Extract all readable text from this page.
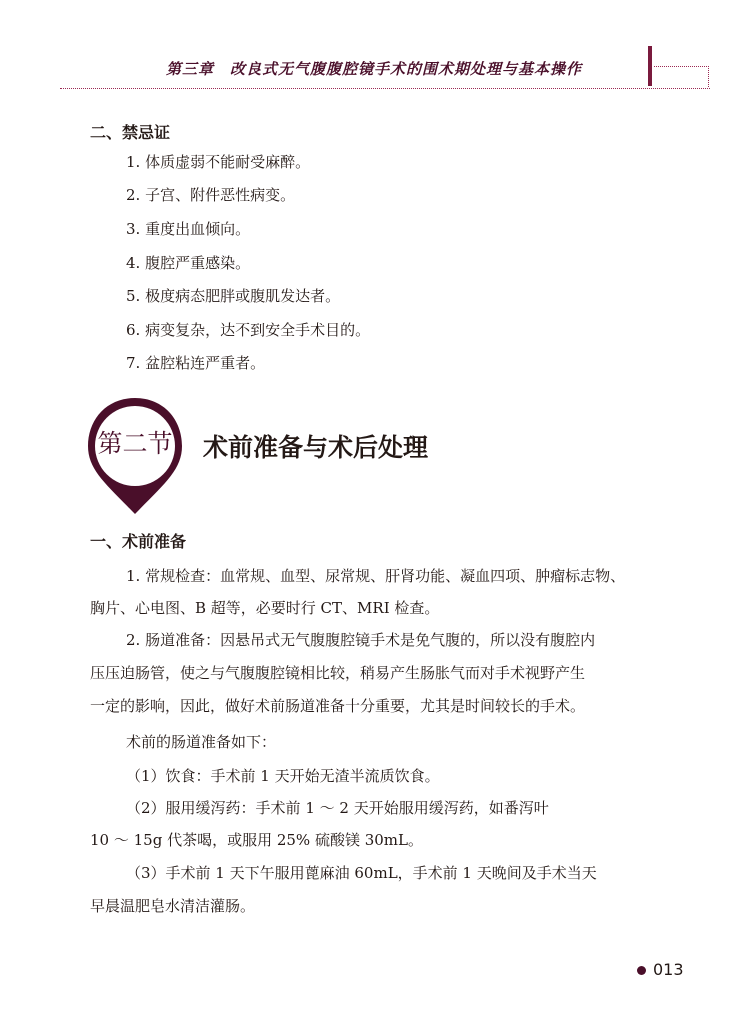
第三章 改良式无气腹腹腔镜手术的围术期处理与基本操作
二、禁忌证
1. 体质虚弱不能耐受麻醉。
2. 子宫、附件恶性病变。
3. 重度出血倾向。
4. 腹腔严重感染。
5. 极度病态肥胖或腹肌发达者。
6. 病变复杂，达不到安全手术目的。
7. 盆腔粘连严重者。
第二节	术前准备与术后处理
一、术前准备
1. 常规检查：血常规、血型、尿常规、肝肾功能、凝血四项、肿瘤标志物、
胸片、心电图、B 超等，必要时行 CT、MRI 检查。
2. 肠道准备：因悬吊式无气腹腹腔镜手术是免气腹的，所以没有腹腔内
压压迫肠管，使之与气腹腹腔镜相比较，稍易产生肠胀气而对手术视野产生
一定的影响，因此，做好术前肠道准备十分重要，尤其是时间较长的手术。
术前的肠道准备如下：
（1）饮食：手术前 1 天开始无渣半流质饮食。
（2）服用缓泻药：手术前 1 ～ 2 天开始服用缓泻药，如番泻叶
10 ～ 15g 代茶喝，或服用 25% 硫酸镁 30mL。
（3）手术前 1 天下午服用蓖麻油 60mL，手术前 1 天晚间及手术当天
早晨温肥皂水清洁灌肠。
013
